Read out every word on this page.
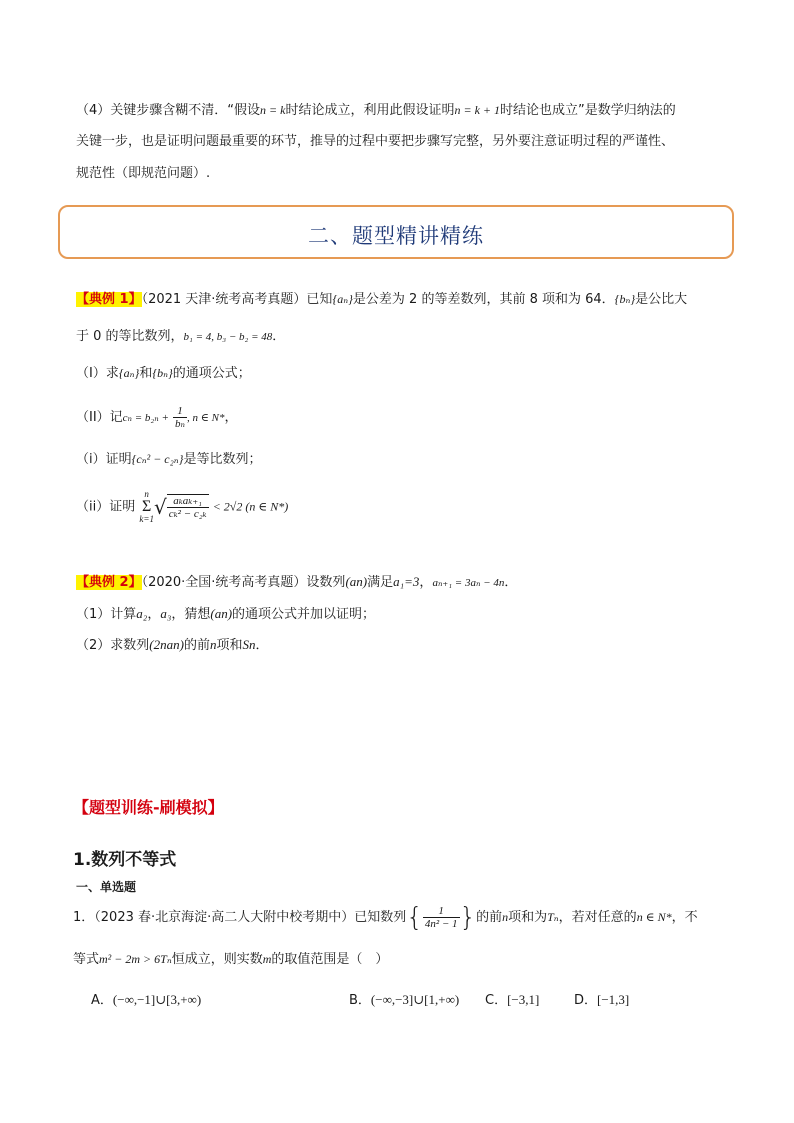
（4）关键步骤含糊不清．“假设n = k时结论成立，利用此假设证明n = k + 1时结论也成立”是数学归纳法的
关键一步，也是证明问题最重要的环节，推导的过程中要把步骤写完整，另外要注意证明过程的严谨性、
规范性（即规范问题）.
二、题型精讲精练
【典例 1】（2021 天津·统考高考真题）已知{aₙ}是公差为 2 的等差数列，其前 8 项和为 64．{bₙ}是公比大
于 0 的等比数列，b₁ = 4, b₃ − b₂ = 48．
（I）求{aₙ}和{bₙ}的通项公式；
（II）记$c_n = b_{2n} + \frac{1}{\text{bₙ}}$ , n ∈ N*，
（i）证明{cₙ² − c₂ₙ}是等比数列；
（ii）证明
n
Σ
k=1 √ $\frac{\text{aₖaₖ₊₁}}{\text{cₖ² − c₂ₖ}} < 2√2$ (n ∈ N*)
【典例 2】（2020·全国·统考高考真题）设数列(an)满足a₁=3，aₙ₊₁ = 3aₙ − 4n．
（1）计算a₂，a₃，猜想(an)的通项公式并加以证明；
（2）求数列(2nan)的前n项和Sn．
【题型训练-刷模拟】
1.数列不等式
一、单选题
1．（2023 春·北京海淀·高二人大附中校考期中）已知数列{ $\frac{1}{\text{4n² − 1}}$ }的前n项和为Tₙ，若对任意的n ∈ N*，不
等式m² − 2m > 6Tₙ恒成立，则实数m的取值范围是（　）
A．(−∞,−1]∪[3,+∞)	B．(−∞,−3]∪[1,+∞) C．[−3,1]	D．[−1,3]
